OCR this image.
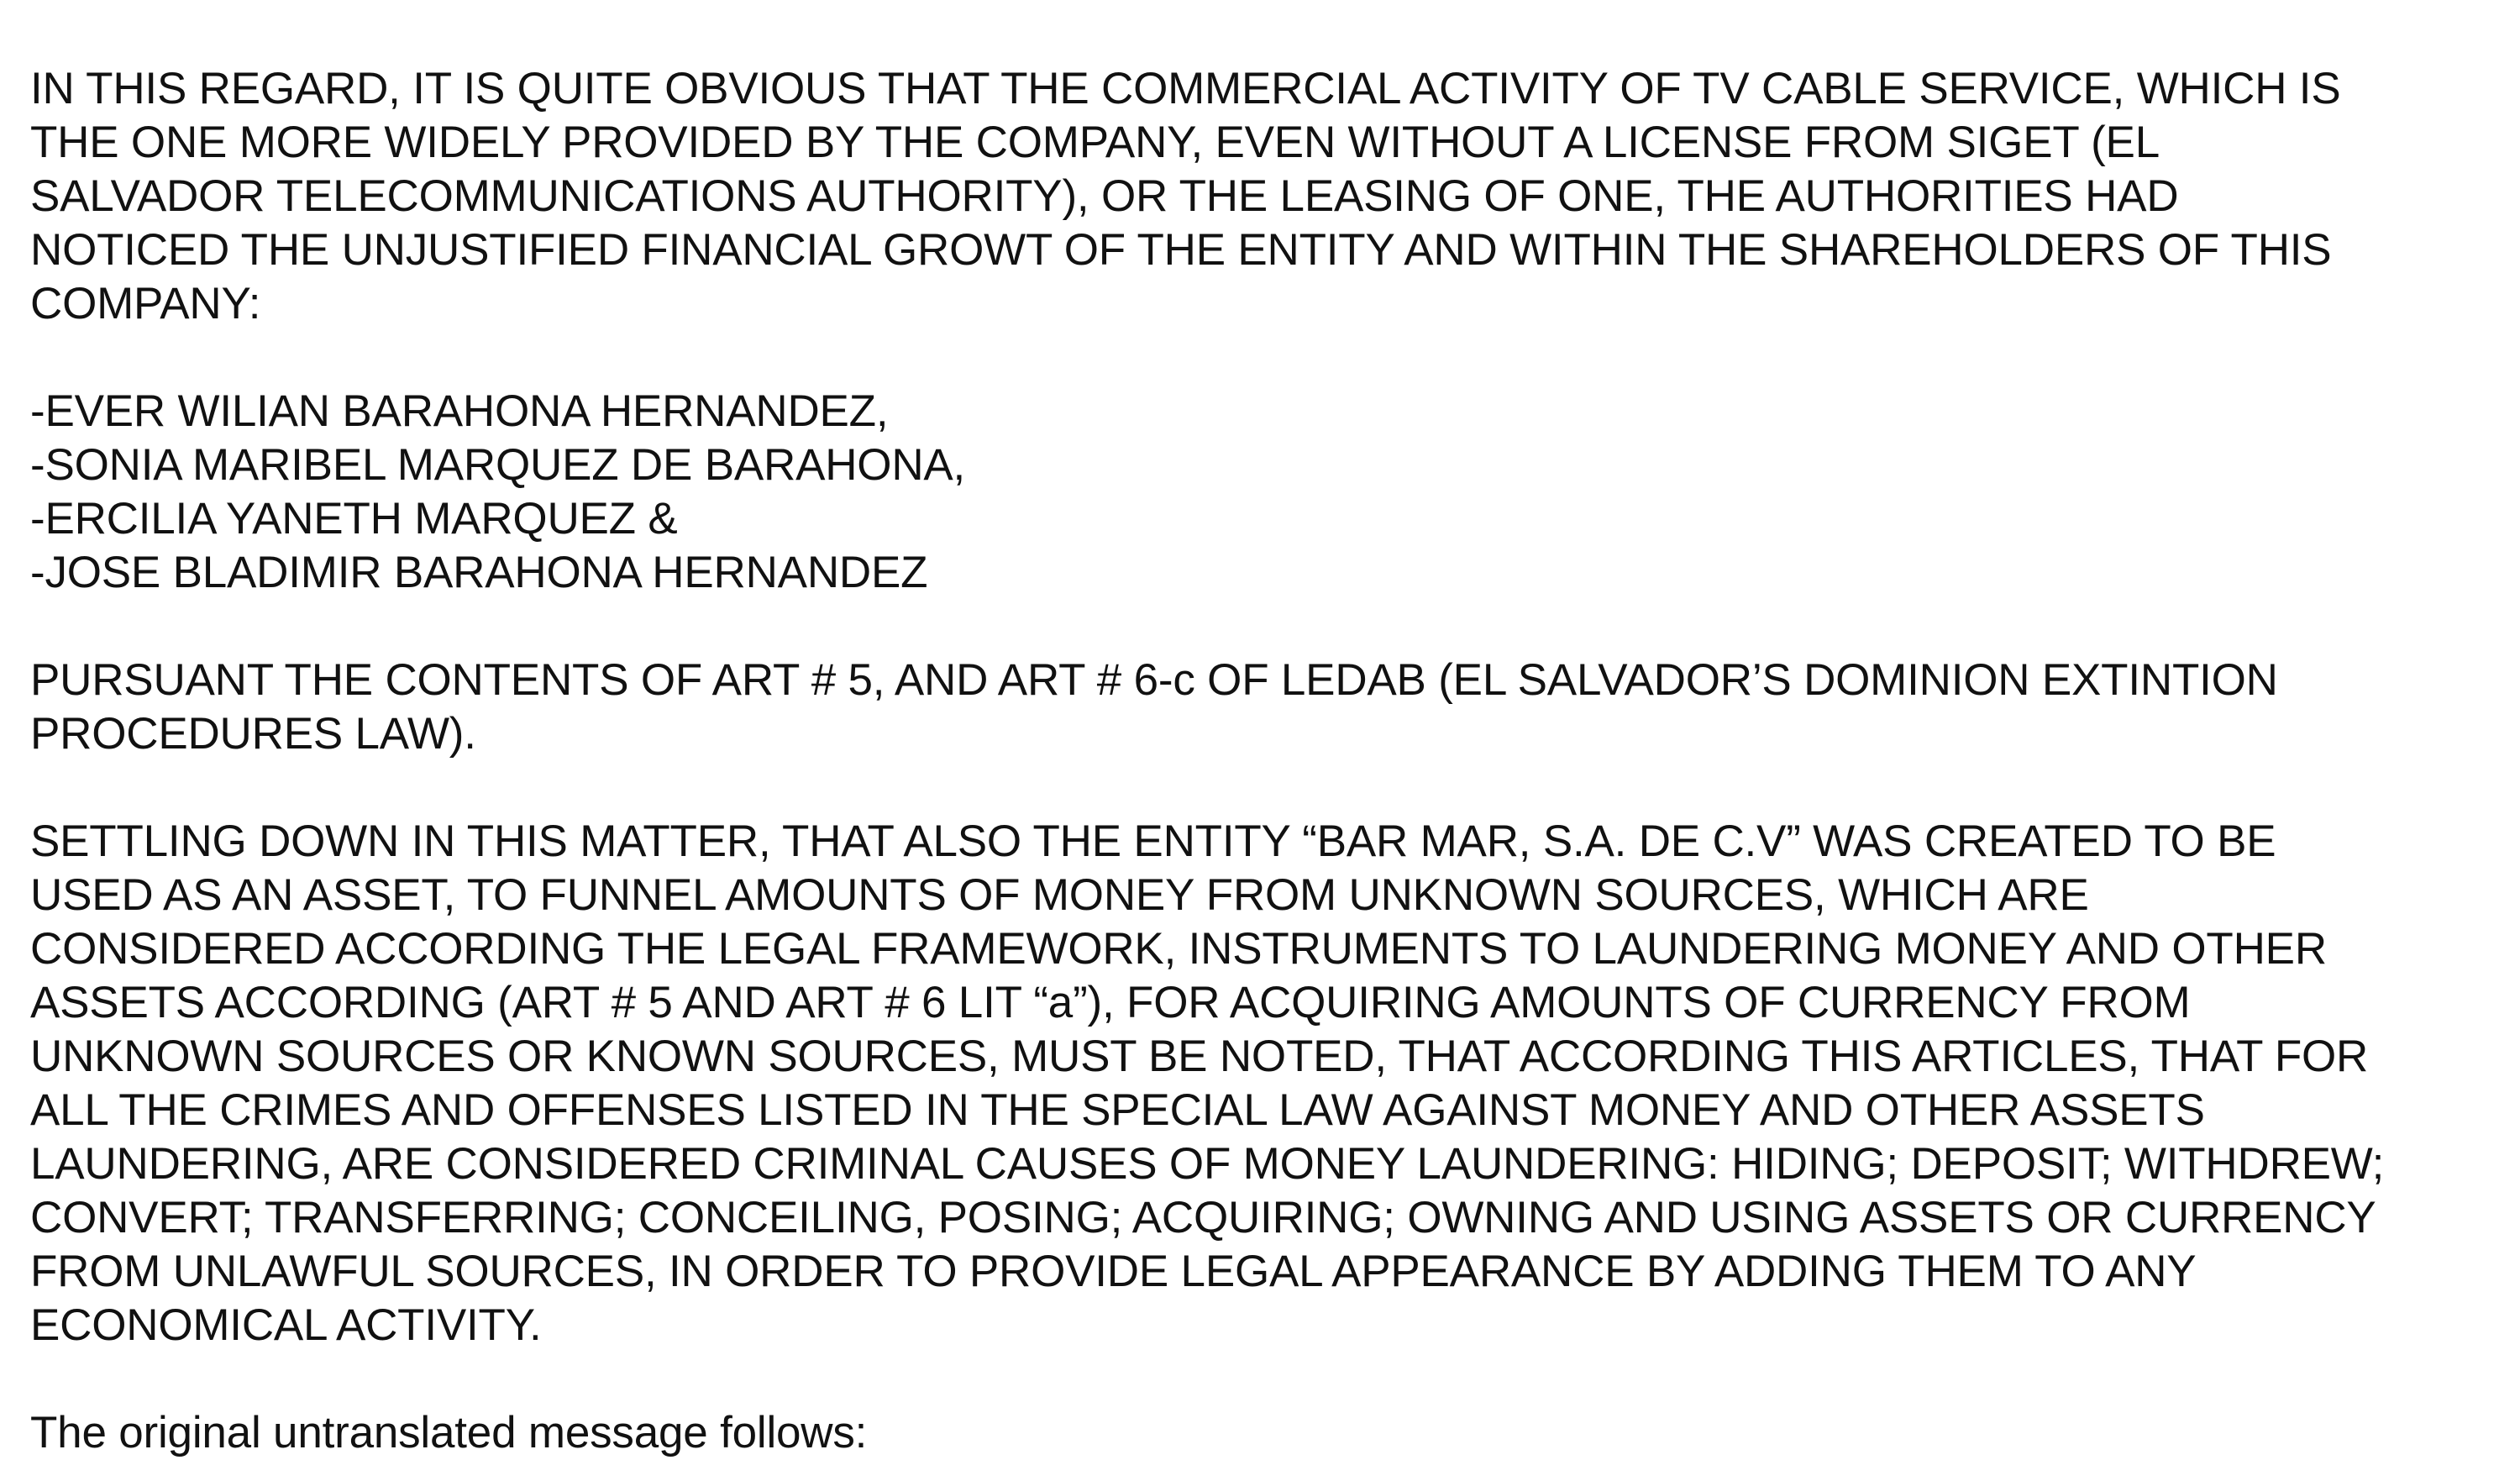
IN THIS REGARD, IT IS QUITE OBVIOUS THAT THE COMMERCIAL ACTIVITY OF TV CABLE SERVICE, WHICH IS
THE ONE MORE WIDELY PROVIDED BY THE COMPANY, EVEN WITHOUT A LICENSE FROM SIGET (EL
SALVADOR TELECOMMUNICATIONS AUTHORITY), OR THE LEASING OF ONE, THE AUTHORITIES HAD
NOTICED THE UNJUSTIFIED FINANCIAL GROWT OF THE ENTITY AND WITHIN THE SHAREHOLDERS OF THIS
COMPANY:
-EVER WILIAN BARAHONA HERNANDEZ,
-SONIA MARIBEL MARQUEZ DE BARAHONA,
-ERCILIA YANETH MARQUEZ &
-JOSE BLADIMIR BARAHONA HERNANDEZ
PURSUANT THE CONTENTS OF ART # 5, AND ART # 6-c OF LEDAB (EL SALVADOR’S DOMINION EXTINTION
PROCEDURES LAW).
SETTLING DOWN IN THIS MATTER, THAT ALSO THE ENTITY “BAR MAR, S.A. DE C.V” WAS CREATED TO BE
USED AS AN ASSET, TO FUNNEL AMOUNTS OF MONEY FROM UNKNOWN SOURCES, WHICH ARE
CONSIDERED ACCORDING THE LEGAL FRAMEWORK, INSTRUMENTS TO LAUNDERING MONEY AND OTHER
ASSETS ACCORDING (ART # 5 AND ART # 6 LIT “a”), FOR ACQUIRING AMOUNTS OF CURRENCY FROM
UNKNOWN SOURCES OR KNOWN SOURCES, MUST BE NOTED, THAT ACCORDING THIS ARTICLES, THAT FOR
ALL THE CRIMES AND OFFENSES LISTED IN THE SPECIAL LAW AGAINST MONEY AND OTHER ASSETS
LAUNDERING, ARE CONSIDERED CRIMINAL CAUSES OF MONEY LAUNDERING: HIDING; DEPOSIT; WITHDREW;
CONVERT; TRANSFERRING; CONCEILING, POSING; ACQUIRING; OWNING AND USING ASSETS OR CURRENCY
FROM UNLAWFUL SOURCES, IN ORDER TO PROVIDE LEGAL APPEARANCE BY ADDING THEM TO ANY
ECONOMICAL ACTIVITY.
The original untranslated message follows:
